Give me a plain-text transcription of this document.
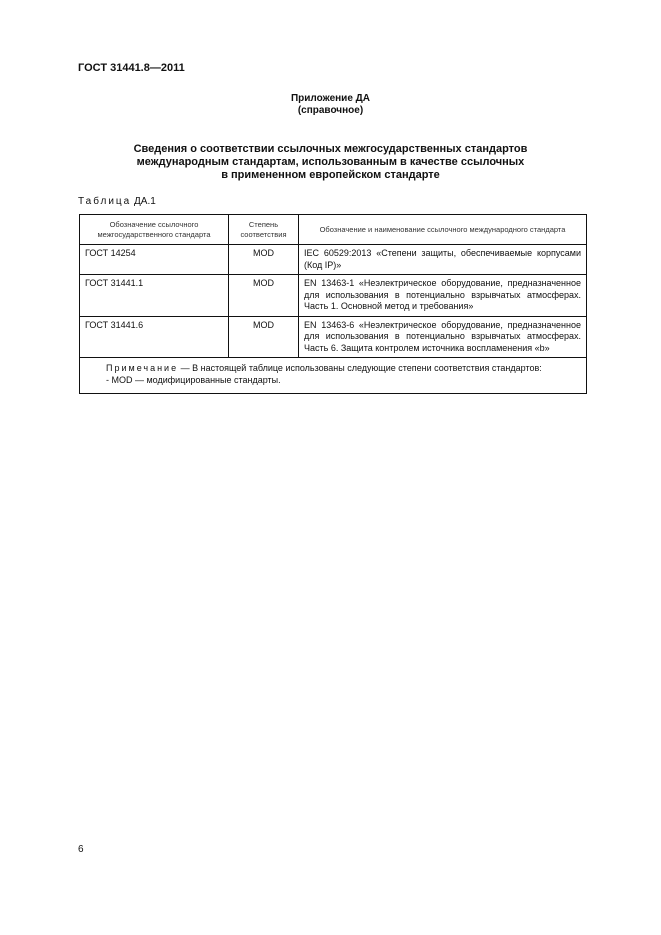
ГОСТ 31441.8—2011
Приложение ДА
(справочное)
Сведения о соответствии ссылочных межгосударственных стандартов
международным стандартам, использованным в качестве ссылочных
в примененном европейском стандарте
Таблица ДА.1
Обозначение ссылочного межгосударственного стандарта	Степень соответствия	Обозначение и наименование ссылочного международного стандарта
ГОСТ 14254	MOD	IEC 60529:2013 «Степени защиты, обеспечиваемые корпусами (Код IP)»
ГОСТ 31441.1	MOD	EN 13463-1 «Неэлектрическое оборудование, предназначенное для использования в потенциально взрывчатых атмосферах. Часть 1. Основной метод и требования»
ГОСТ 31441.6	MOD	EN 13463-6 «Неэлектрическое оборудование, предназначенное для использования в потенциально взрывчатых атмосферах. Часть 6. Защита контролем источника воспламенения «b»

Примечание — В настоящей таблице использованы следующие степени соответствия стандартов:
- MOD — модифицированные стандарты.		
6
